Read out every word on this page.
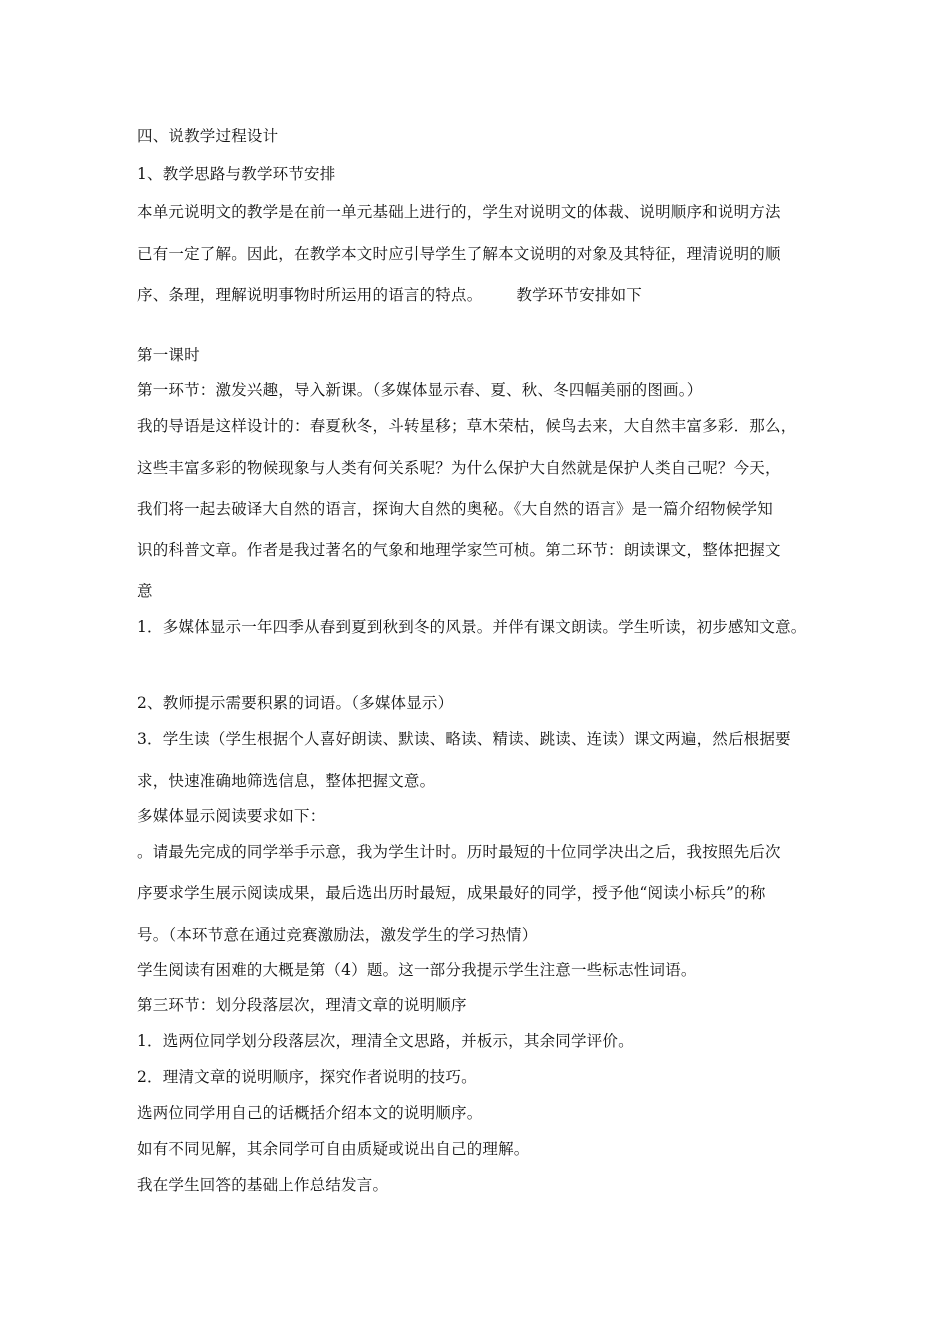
四、说教学过程设计
1、教学思路与教学环节安排
本单元说明文的教学是在前一单元基础上进行的，学生对说明文的体裁、说明顺序和说明方法
已有一定了解。因此，在教学本文时应引导学生了解本文说明的对象及其特征，理清说明的顺
序、条理，理解说明事物时所运用的语言的特点。 教学环节安排如下
第一课时
第一环节：激发兴趣，导入新课。（多媒体显示春、夏、秋、冬四幅美丽的图画。）
我的导语是这样设计的：春夏秋冬，斗转星移；草木荣枯，候鸟去来，大自然丰富多彩．那么，
这些丰富多彩的物候现象与人类有何关系呢？为什么保护大自然就是保护人类自己呢？今天，
我们将一起去破译大自然的语言，探询大自然的奥秘。《大自然的语言》是一篇介绍物候学知
识的科普文章。作者是我过著名的气象和地理学家竺可桢。第二环节：朗读课文，整体把握文
意
1．多媒体显示一年四季从春到夏到秋到冬的风景。并伴有课文朗读。学生听读，初步感知文意。
2、教师提示需要积累的词语。（多媒体显示）
3．学生读（学生根据个人喜好朗读、默读、略读、精读、跳读、连读）课文两遍，然后根据要
求，快速准确地筛选信息，整体把握文意。
多媒体显示阅读要求如下：
。请最先完成的同学举手示意，我为学生计时。历时最短的十位同学决出之后，我按照先后次
序要求学生展示阅读成果，最后选出历时最短，成果最好的同学，授予他“阅读小标兵”的称
号。（本环节意在通过竞赛激励法，激发学生的学习热情）
学生阅读有困难的大概是第（4）题。这一部分我提示学生注意一些标志性词语。
第三环节：划分段落层次，理清文章的说明顺序
1．选两位同学划分段落层次，理清全文思路，并板示，其余同学评价。
2．理清文章的说明顺序，探究作者说明的技巧。
选两位同学用自己的话概括介绍本文的说明顺序。
如有不同见解，其余同学可自由质疑或说出自己的理解。
我在学生回答的基础上作总结发言。
